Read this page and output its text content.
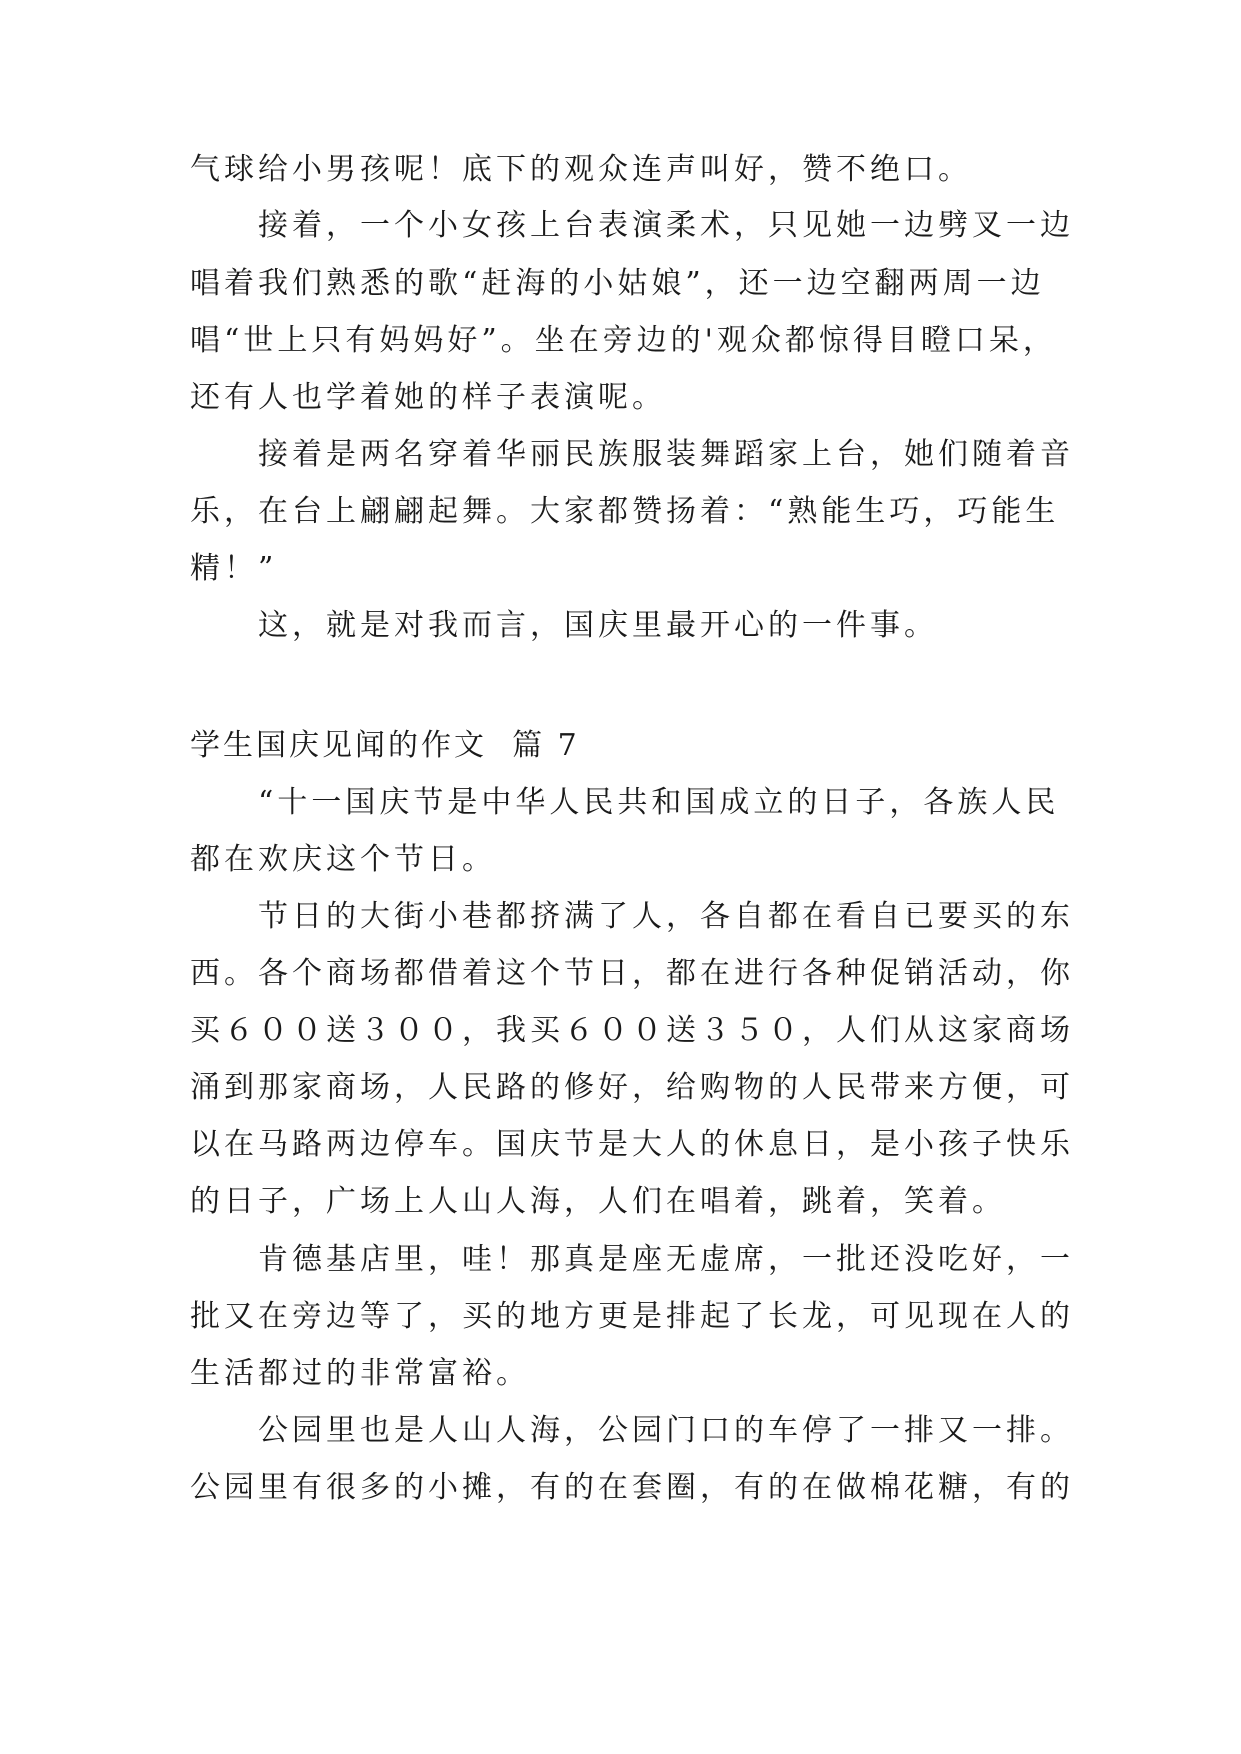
气球给小男孩呢！底下的观众连声叫好，赞不绝口。
　　接着，一个小女孩上台表演柔术，只见她一边劈叉一边
唱着我们熟悉的歌“赶海的小姑娘”，还一边空翻两周一边
唱“世上只有妈妈好”。坐在旁边的'观众都惊得目瞪口呆，
还有人也学着她的样子表演呢。
　　接着是两名穿着华丽民族服装舞蹈家上台，她们随着音
乐，在台上翩翩起舞。大家都赞扬着：“熟能生巧，巧能生
精！”
　　这，就是对我而言，国庆里最开心的一件事。
学生国庆见闻的作文  篇 7
　　“十一国庆节是中华人民共和国成立的日子，各族人民
都在欢庆这个节日。
　　节日的大街小巷都挤满了人，各自都在看自已要买的东
西。各个商场都借着这个节日，都在进行各种促销活动，你
买６００送３００，我买６００送３５０，人们从这家商场
涌到那家商场，人民路的修好，给购物的人民带来方便，可
以在马路两边停车。国庆节是大人的休息日，是小孩子快乐
的日子，广场上人山人海，人们在唱着，跳着，笑着。
　　肯德基店里，哇！那真是座无虚席，一批还没吃好，一
批又在旁边等了，买的地方更是排起了长龙，可见现在人的
生活都过的非常富裕。
　　公园里也是人山人海，公园门口的车停了一排又一排。
公园里有很多的小摊，有的在套圈，有的在做棉花糖，有的
